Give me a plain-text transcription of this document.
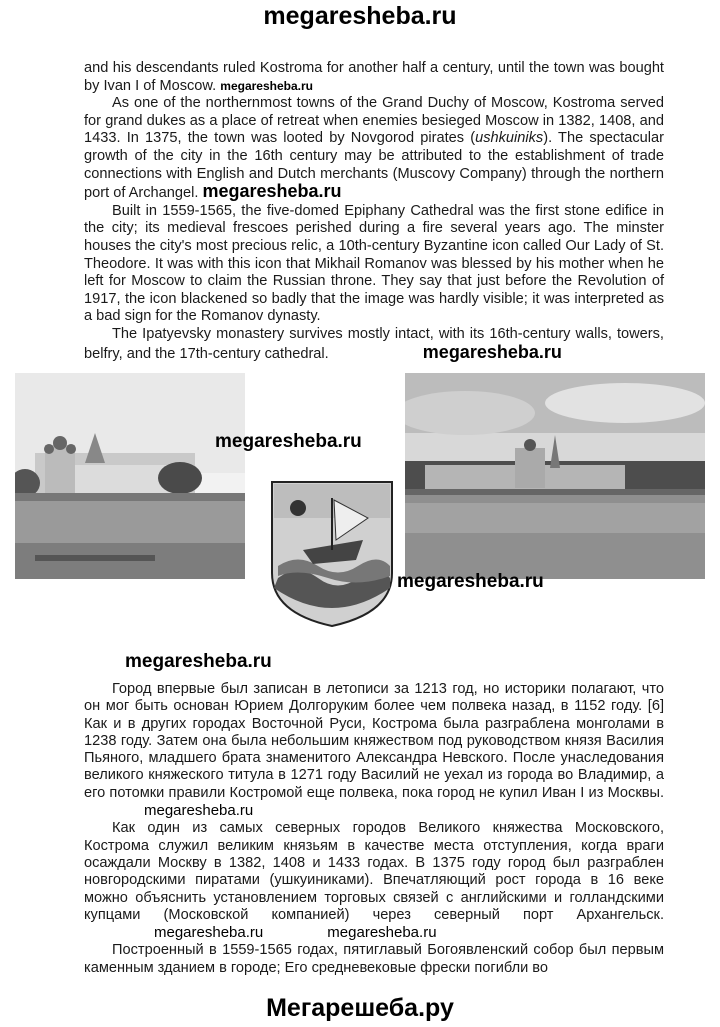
megaresheba.ru

and his descendants ruled Kostroma for another half a century, until the town was bought by Ivan I of Moscow. megaresheba.ru

As one of the northernmost towns of the Grand Duchy of Moscow, Kostroma served for grand dukes as a place of retreat when enemies besieged Moscow in 1382, 1408, and 1433. In 1375, the town was looted by Novgorod pirates (ushkuiniks). The spectacular growth of the city in the 16th century may be attributed to the establishment of trade connections with English and Dutch merchants (Muscovy Company) through the northern port of Archangel. megaresheba.ru

Built in 1559-1565, the five-domed Epiphany Cathedral was the first stone edifice in the city; its medieval frescoes perished during a fire several years ago. The minster houses the city's most precious relic, a 10th-century Byzantine icon called Our Lady of St. Theodore. It was with this icon that Mikhail Romanov was blessed by his mother when he left for Moscow to claim the Russian throne. They say that just before the Revolution of 1917, the icon blackened so badly that the image was hardly visible; it was interpreted as a bad sign for the Romanov dynasty.

The Ipatyevsky monastery survives mostly intact, with its 16th-century walls, towers, belfry, and the 17th-century cathedral.	megaresheba.ru

Город впервые был записан в летописи за 1213 год, но историки полагают, что он мог быть основан Юрием Долгоруким более чем полвека назад, в 1152 году. [6] Как и в других городах Восточной Руси, Кострома была разграблена монголами в 1238 году. Затем она была небольшим княжеством под руководством князя Василия Пьяного, младшего брата знаменитого Александра Невского. После унаследования великого княжеского титула в 1271 году Василий не уехал из города во Владимир, а его потомки правили Костромой еще полвека, пока город не купил Иван I из Москвы. megaresheba.ru

Как один из самых северных городов Великого княжества Московского, Кострома служил великим князьям в качестве места отступления, когда враги осаждали Москву в 1382, 1408 и 1433 годах. В 1375 году город был разграблен новгородскими пиратами (ушкуиниками). Впечатляющий рост города в 16 веке можно объяснить установлением торговых связей с английскими и голландскими купцами (Московской компанией) через северный порт Архангельск. megaresheba.ru	megaresheba.ru

Построенный в 1559-1565 годах, пятиглавый Богоявленский собор был первым каменным зданием в городе; Его средневековые фрески погибли во

megaresheba.ru
megaresheba.ru
megaresheba.ru
Мегарешеба.ру
